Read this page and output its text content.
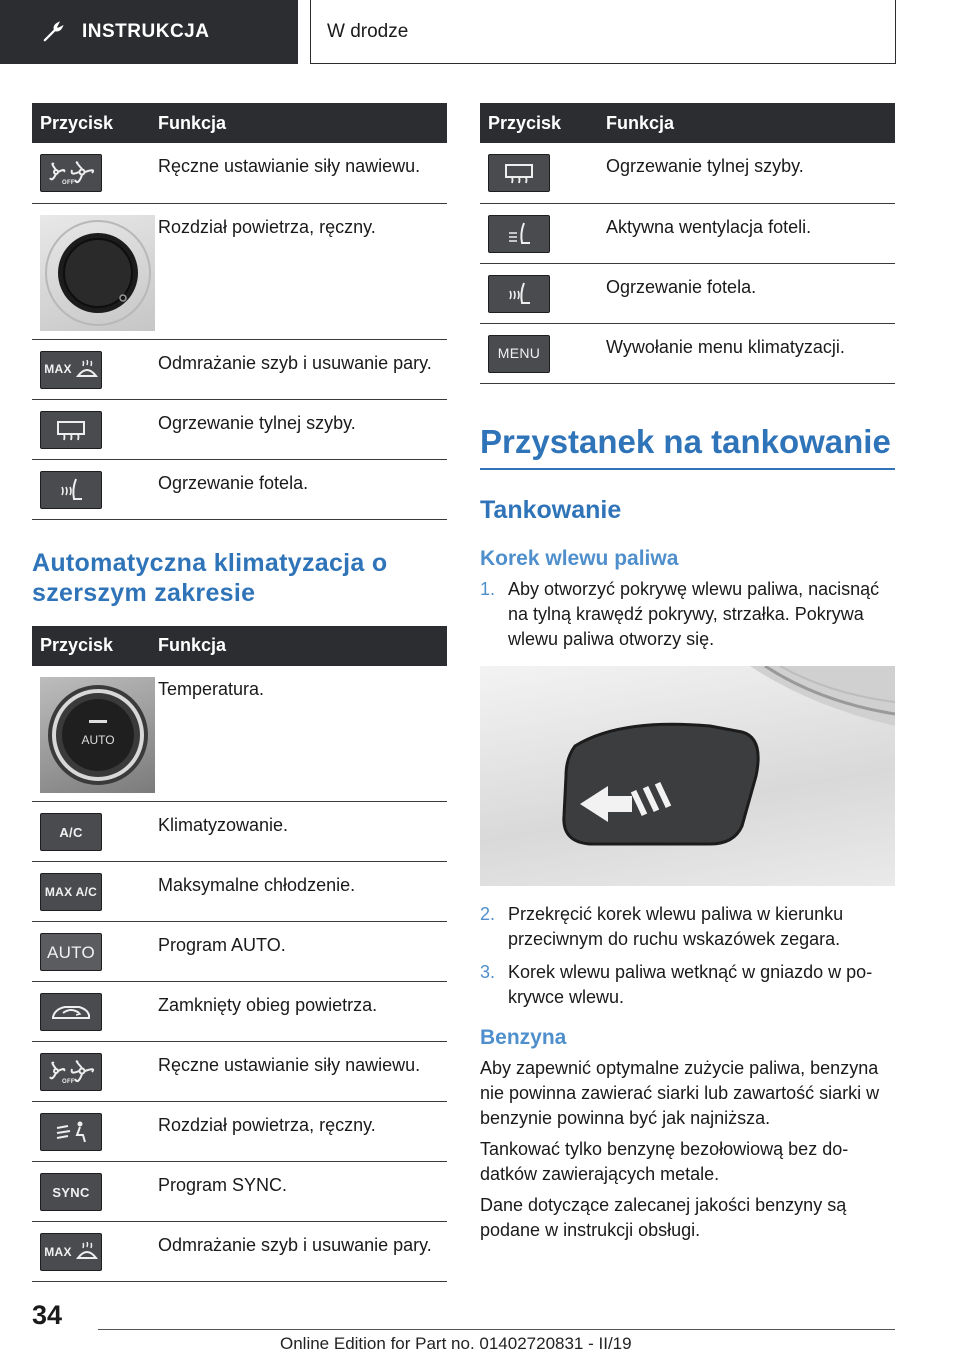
INSTRUKCJA	W drodze
Przycisk	Funkcja

OFF	Ręczne ustawianie siły nawiewu.

	Rozdział powietrza, ręczny.

MAX	Odmrażanie szyb i usuwanie pary.

	Ogrzewanie tylnej szyby.

	Ogrzewanie fotela.
Automatyczna klimatyzacja o szerszym zakresie
Przycisk	Funkcja

AUTO	Temperatura.

A/C	Klimatyzowanie.

MAX A/C	Maksymalne chłodzenie.

AUTO	Program AUTO.

	Zamknięty obieg powietrza.

OFF	Ręczne ustawianie siły nawiewu.

	Rozdział powietrza, ręczny.

SYNC	Program SYNC.

MAX	Odmrażanie szyb i usuwanie pary.
Przycisk	Funkcja

	Ogrzewanie tylnej szyby.

	Aktywna wentylacja foteli.

	Ogrzewanie fotela.

MENU	Wywołanie menu klimatyzacji.
Przystanek na tankowanie
Tankowanie
Korek wlewu paliwa
1. Aby otworzyć pokrywę wlewu paliwa, nacisnąć na tylną krawędź pokrywy, strzałka. Pokrywa wlewu paliwa otworzy się.
2. Przekręcić korek wlewu paliwa w kierunku przeciwnym do ruchu wskazówek zegara.
3. Korek wlewu paliwa wetknąć w gniazdo w pokrywce wlewu.
Benzyna

Aby zapewnić optymalne zużycie paliwa, benzyna nie powinna zawierać siarki lub zawartość siarki w benzynie powinna być jak najniższa.

Tankować tylko benzynę bezołowiową bez dodatków zawierających metale.

Dane dotyczące zalecanej jakości benzyny są podane w instrukcji obsługi.

34
Online Edition for Part no. 01402720831 - II/19
